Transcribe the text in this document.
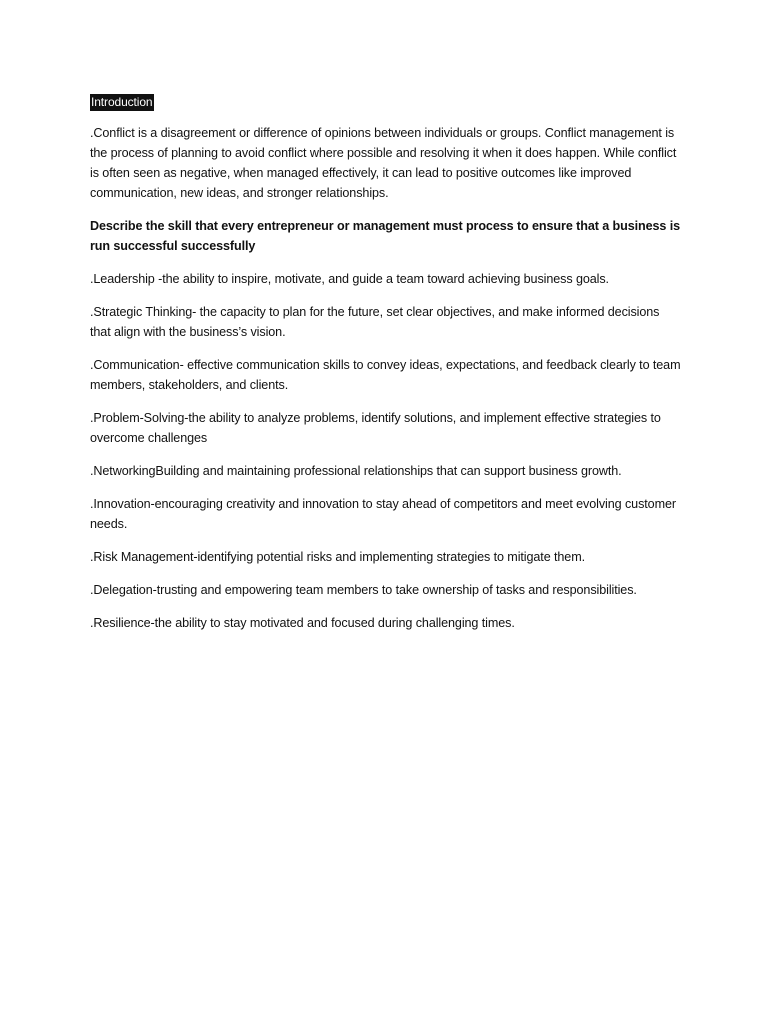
Introduction

.Conflict is a disagreement or difference of opinions between individuals or groups. Conflict management is the process of planning to avoid conflict where possible and resolving it when it does happen. While conflict is often seen as negative, when managed effectively, it can lead to positive outcomes like improved communication, new ideas, and stronger relationships.

Describe the skill that every entrepreneur or management must process to ensure that a business is run successful successfully

.Leadership -the ability to inspire, motivate, and guide a team toward achieving business goals.

.Strategic Thinking- the capacity to plan for the future, set clear objectives, and make informed decisions that align with the business’s vision.

.Communication- effective communication skills to convey ideas, expectations, and feedback clearly to team members, stakeholders, and clients.

.Problem-Solving-the ability to analyze problems, identify solutions, and implement effective strategies to overcome challenges

.NetworkingBuilding and maintaining professional relationships that can support business growth.

.Innovation-encouraging creativity and innovation to stay ahead of competitors and meet evolving customer needs.

.Risk Management-identifying potential risks and implementing strategies to mitigate them.

.Delegation-trusting and empowering team members to take ownership of tasks and responsibilities.

.Resilience-the ability to stay motivated and focused during challenging times.
